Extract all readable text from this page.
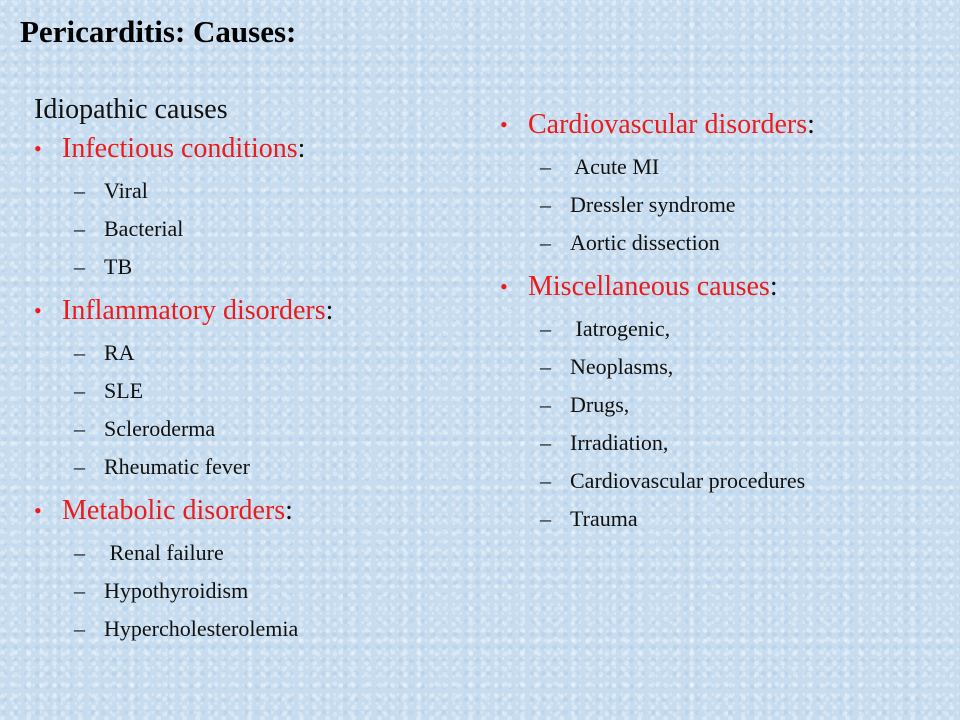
Pericarditis: Causes:
Idiopathic causes
• Infectious conditions:
– Viral
– Bacterial
– TB
• Inflammatory disorders:
– RA
– SLE
– Scleroderma
– Rheumatic fever
• Metabolic disorders:
– Renal failure
– Hypothyroidism
– Hypercholesterolemia
• Cardiovascular disorders:
– Acute MI
– Dressler syndrome
– Aortic dissection
• Miscellaneous causes:
– Iatrogenic,
– Neoplasms,
– Drugs,
– Irradiation,
– Cardiovascular procedures
– Trauma
